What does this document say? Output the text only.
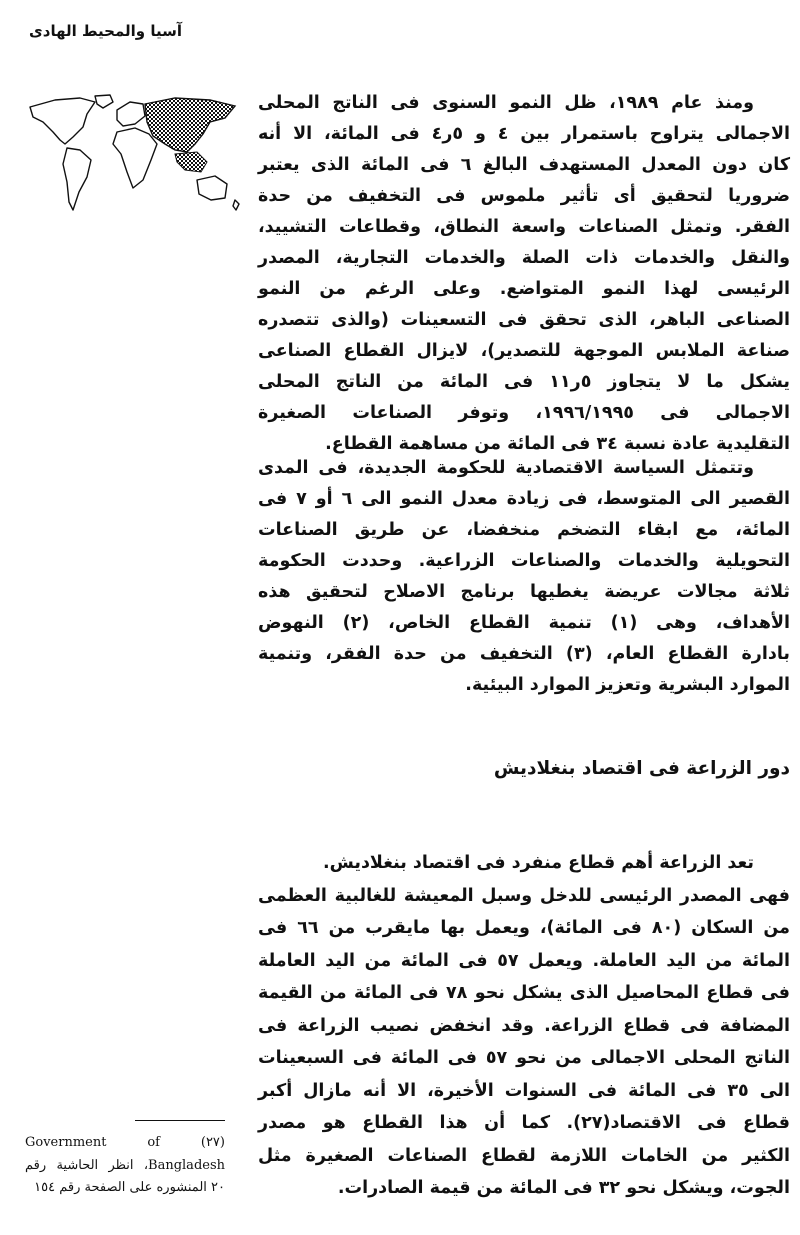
آسيا والمحيط الهادى
ومنذ عام ١٩٨٩، ظل النمو السنوى فى الناتج المحلى
الاجمالى يتراوح باستمرار بين ٤ و ٥ر٤ فى المائة، الا أنه
كان دون المعدل المستهدف البالغ ٦ فى المائة الذى يعتبر
ضروريا لتحقيق أى تأثير ملموس فى التخفيف من حدة
الفقر. وتمثل الصناعات واسعة النطاق، وقطاعات التشييد،
والنقل والخدمات ذات الصلة والخدمات التجارية، المصدر
الرئيسى لهذا النمو المتواضع. وعلى الرغم من النمو
الصناعى الباهر، الذى تحقق فى التسعينات (والذى تتصدره
صناعة الملابس الموجهة للتصدير)، لايزال القطاع الصناعى
يشكل ما لا يتجاوز ٥ر١١ فى المائة من الناتج المحلى
الاجمالى فى ١٩٩٦/١٩٩٥، وتوفر الصناعات الصغيرة
التقليدية عادة نسبة ٣٤ فى المائة من مساهمة القطاع.
وتتمثل السياسة الاقتصادية للحكومة الجديدة، فى المدى
القصير الى المتوسط، فى زيادة معدل النمو الى ٦ أو ٧ فى
المائة، مع ابقاء التضخم منخفضا، عن طريق الصناعات
التحويلية والخدمات والصناعات الزراعية. وحددت الحكومة
ثلاثة مجالات عريضة يغطيها برنامج الاصلاح لتحقيق هذه
الأهداف، وهى (١) تنمية القطاع الخاص، (٢) النهوض
بادارة القطاع العام، (٣) التخفيف من حدة الفقر، وتنمية
الموارد البشرية وتعزيز الموارد البيئية.
دور الزراعة فى اقتصاد بنغلاديش
تعد الزراعة أهم قطاع منفرد فى اقتصاد بنغلاديش.
فهى المصدر الرئيسى للدخل وسبل المعيشة للغالبية العظمى
من السكان (٨٠ فى المائة)، ويعمل بها مايقرب من ٦٦ فى
المائة من اليد العاملة. ويعمل ٥٧ فى المائة من اليد العاملة
فى قطاع المحاصيل الذى يشكل نحو ٧٨ فى المائة من القيمة
المضافة فى قطاع الزراعة. وقد انخفض نصيب الزراعة فى
الناتج المحلى الاجمالى من نحو ٥٧ فى المائة فى السبعينات
الى ٣٥ فى المائة فى السنوات الأخيرة، الا أنه مازال أكبر
قطاع فى الاقتصاد(٢٧). كما أن هذا القطاع هو مصدر
الكثير من الخامات اللازمة لقطاع الصناعات الصغيرة مثل
الجوت، ويشكل نحو ٣٢ فى المائة من قيمة الصادرات.
(٢٧) Government of
Bangladesh، انظر الحاشية رقم
٢٠ المنشوره على الصفحة رقم ١٥٤
